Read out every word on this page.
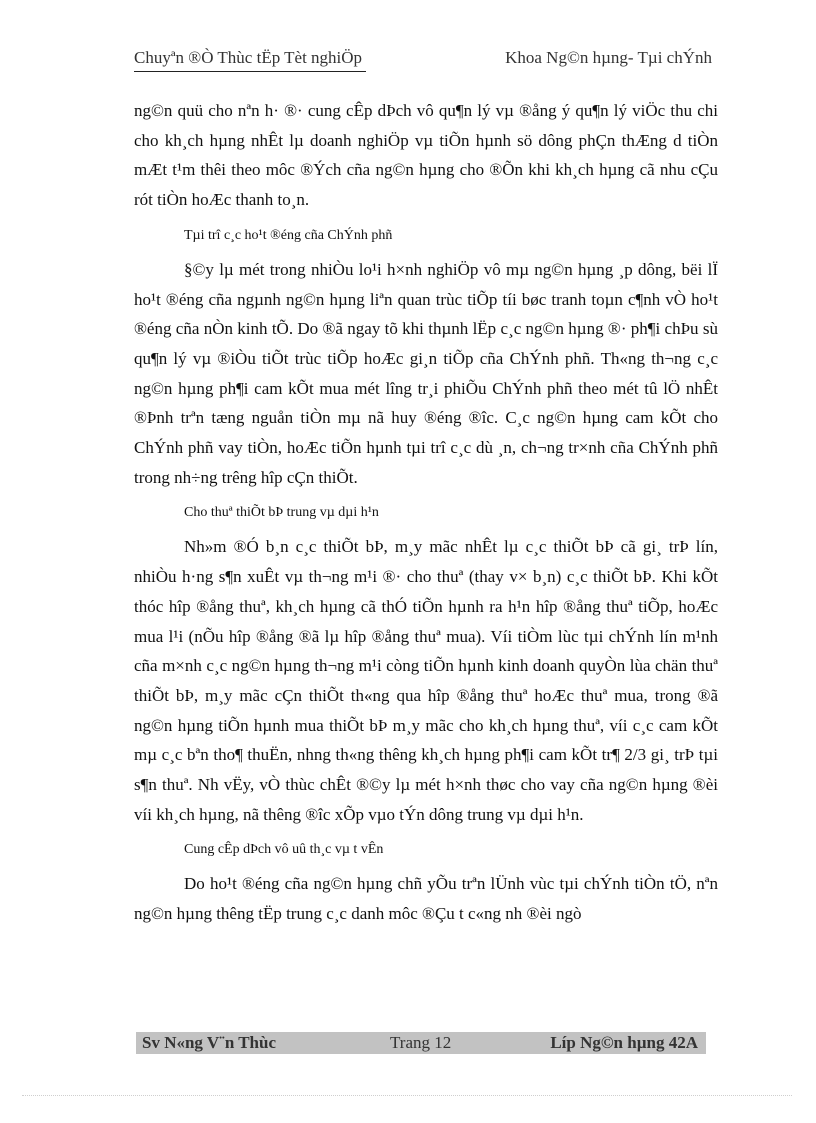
Chuyªn ®Ò Thùc tËp Tèt nghiÖp	Khoa Ng©n hµng- Tµi chÝnh

ng©n quü cho nªn h· ®· cung cÊp dÞch vô qu¶n lý vµ ®ång ý qu¶n lý viÖc thu chi cho kh¸ch hµng nhÊt lµ doanh nghiÖp vµ tiÕn hµnh sö dông phÇn thÆng d tiÒn mÆt t¹m thêi theo môc ®Ých cña ng©n hµng cho ®Õn khi kh¸ch hµng cã nhu cÇu rót tiÒn hoÆc thanh to¸n.

Tµi trî c¸c ho¹t ®éng cña ChÝnh phñ

§©y lµ mét trong nhiÒu lo¹i h×nh nghiÖp vô mµ ng©n hµng ¸p dông, bëi lÏ ho¹t ®éng cña ngµnh ng©n hµng liªn quan trùc tiÕp tíi bøc tranh toµn c¶nh vÒ ho¹t ®éng cña nÒn kinh tÕ. Do ®ã ngay tõ khi thµnh lËp c¸c ng©n hµng ®· ph¶i chÞu sù qu¶n lý vµ ®iÒu tiÕt trùc tiÕp hoÆc gi¸n tiÕp cña ChÝnh phñ. Th«ng th¬ng c¸c ng©n hµng ph¶i cam kÕt mua mét lîng tr¸i phiÕu ChÝnh phñ theo mét tû lÖ nhÊt ®Þnh trªn tæng nguån tiÒn mµ nã huy ®éng ®îc. C¸c ng©n hµng cam kÕt cho ChÝnh phñ vay tiÒn, hoÆc tiÕn hµnh tµi trî c¸c dù ¸n, ch¬ng tr×nh cña ChÝnh phñ trong nh÷ng trêng hîp cÇn thiÕt.

Cho thuª thiÕt bÞ trung vµ dµi h¹n

Nh»m ®Ó b¸n c¸c thiÕt bÞ, m¸y mãc nhÊt lµ c¸c thiÕt bÞ cã gi¸ trÞ lín, nhiÒu h·ng s¶n xuÊt vµ th¬ng m¹i ®· cho thuª (thay v× b¸n) c¸c thiÕt bÞ. Khi kÕt thóc hîp ®ång thuª, kh¸ch hµng cã thÓ tiÕn hµnh ra h¹n hîp ®ång thuª tiÕp, hoÆc mua l¹i (nÕu hîp ®ång ®ã lµ hîp ®ång thuª mua). Víi tiÒm lùc tµi chÝnh lín m¹nh cña m×nh c¸c ng©n hµng th¬ng m¹i còng tiÕn hµnh kinh doanh quyÒn lùa chän thuª thiÕt bÞ, m¸y mãc cÇn thiÕt th«ng qua hîp ®ång thuª hoÆc thuª mua, trong ®ã ng©n hµng tiÕn hµnh mua thiÕt bÞ m¸y mãc cho kh¸ch hµng thuª, víi c¸c cam kÕt mµ c¸c bªn tho¶ thuËn, nhng th«ng thêng kh¸ch hµng ph¶i cam kÕt tr¶ 2/3 gi¸ trÞ tµi s¶n thuª. Nh vËy, vÒ thùc chÊt ®©y lµ mét h×nh thøc cho vay cña ng©n hµng ®èi víi kh¸ch hµng, nã thêng ®îc xÕp vµo tÝn dông trung vµ dµi h¹n.

Cung cÊp dÞch vô uû th¸c vµ t vÊn

Do ho¹t ®éng cña ng©n hµng chñ yÕu trªn lÜnh vùc tµi chÝnh tiÒn tÖ, nªn ng©n hµng thêng tËp trung c¸c danh môc ®Çu t c«ng nh ®èi ngò

Sv N«ng V¨n Thùc	Trang 12	Líp Ng©n hµng 42A
